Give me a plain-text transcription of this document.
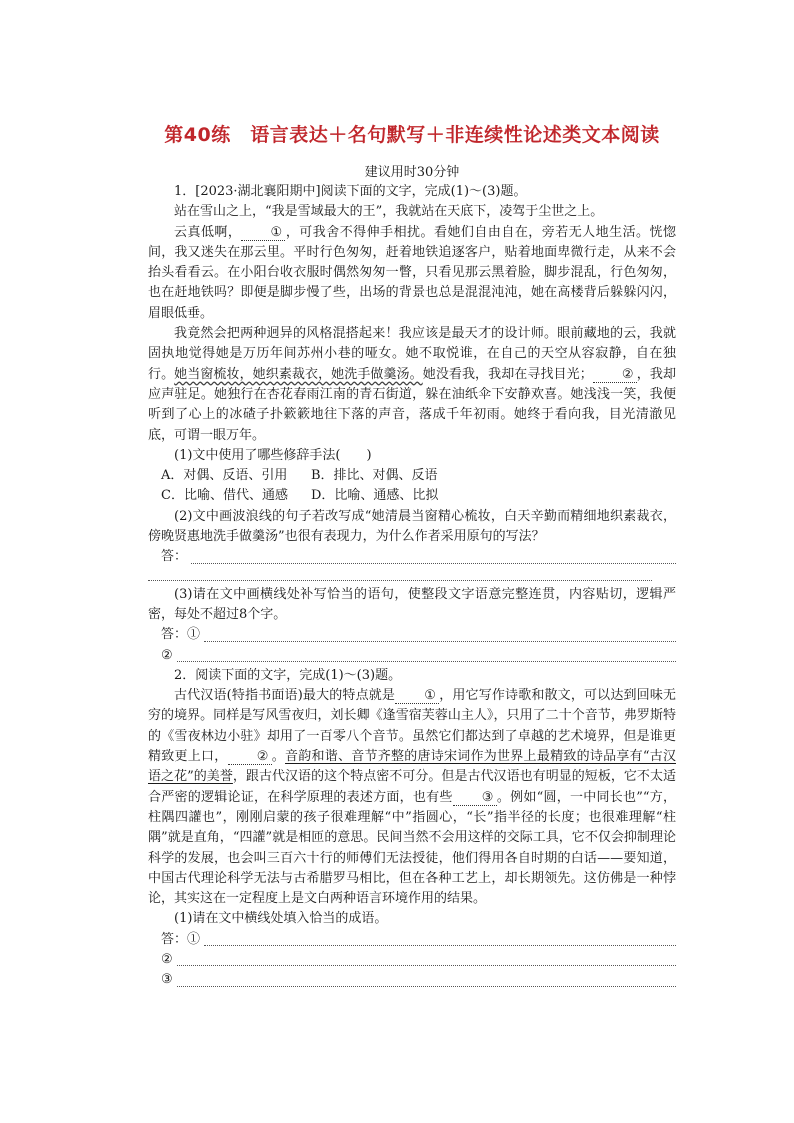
第40练　语言表达＋名句默写＋非连续性论述类文本阅读
建议用时30分钟

1．[2023·湖北襄阳期中]阅读下面的文字，完成(1)～(3)题。

站在雪山之上，“我是雪域最大的王”，我就站在天底下，凌驾于尘世之上。

云真低啊， ① ，可我舍不得伸手相扰。看她们自由自在，旁若无人地生活。恍惚间，我又迷失在那云里。平时行色匆匆，赶着地铁追逐客户，贴着地面卑微行走，从来不会抬头看看云。在小阳台收衣服时偶然匆匆一瞥，只看见那云黑着脸，脚步混乱，行色匆匆，也在赶地铁吗？即便是脚步慢了些，出场的背景也总是混混沌沌，她在高楼背后躲躲闪闪，眉眼低垂。

我竟然会把两种迥异的风格混搭起来！我应该是最天才的设计师。眼前藏地的云，我就固执地觉得她是万历年间苏州小巷的哑女。她不取悦谁，在自己的天空从容寂静，自在独行。她当窗梳妆，她织素裁衣，她洗手做羹汤。她没看我，我却在寻找目光； ② ，我却应声驻足。她独行在杏花春雨江南的青石街道，躲在油纸伞下安静欢喜。她浅浅一笑，我便听到了心上的冰碴子扑簌簌地往下落的声音，落成千年初雨。她终于看向我，目光清澈见底，可谓一眼万年。

(1)文中使用了哪些修辞手法(　　)

A．对偶、反语、引用 B．排比、对偶、反语
C．比喻、借代、通感 D．比喻、通感、比拟

(2)文中画波浪线的句子若改写成“她清晨当窗精心梳妆，白天辛勤而精细地织素裁衣，傍晚贤惠地洗手做羹汤”也很有表现力，为什么作者采用原句的写法？

答：

(3)请在文中画横线处补写恰当的语句，使整段文字语意完整连贯，内容贴切，逻辑严密，每处不超过8个字。

答：①
②

2．阅读下面的文字，完成(1)～(3)题。

古代汉语(特指书面语)最大的特点就是 ① ，用它写作诗歌和散文，可以达到回味无穷的境界。同样是写风雪夜归，刘长卿《逢雪宿芙蓉山主人》，只用了二十个音节，弗罗斯特的《雪夜林边小驻》却用了一百零八个音节。虽然它们都达到了卓越的艺术境界，但是谁更精致更上口， ② 。音韵和谐、音节齐整的唐诗宋词作为世界上最精致的诗品享有“古汉语之花”的美誉，跟古代汉语的这个特点密不可分。但是古代汉语也有明显的短板，它不太适合严密的逻辑论证，在科学原理的表述方面，也有些 ③ 。例如“圆，一中同长也”“方，柱隅四讙也”，刚刚启蒙的孩子很难理解“中”指圆心，“长”指半径的长度；也很难理解“柱隅”就是直角，“四讙”就是相匝的意思。民间当然不会用这样的交际工具，它不仅会抑制理论科学的发展，也会叫三百六十行的师傅们无法授徒，他们得用各自时期的白话——要知道，中国古代理论科学无法与古希腊罗马相比，但在各种工艺上，却长期领先。这仿佛是一种悖论，其实这在一定程度上是文白两种语言环境作用的结果。

(1)请在文中横线处填入恰当的成语。

答：①
②
③
